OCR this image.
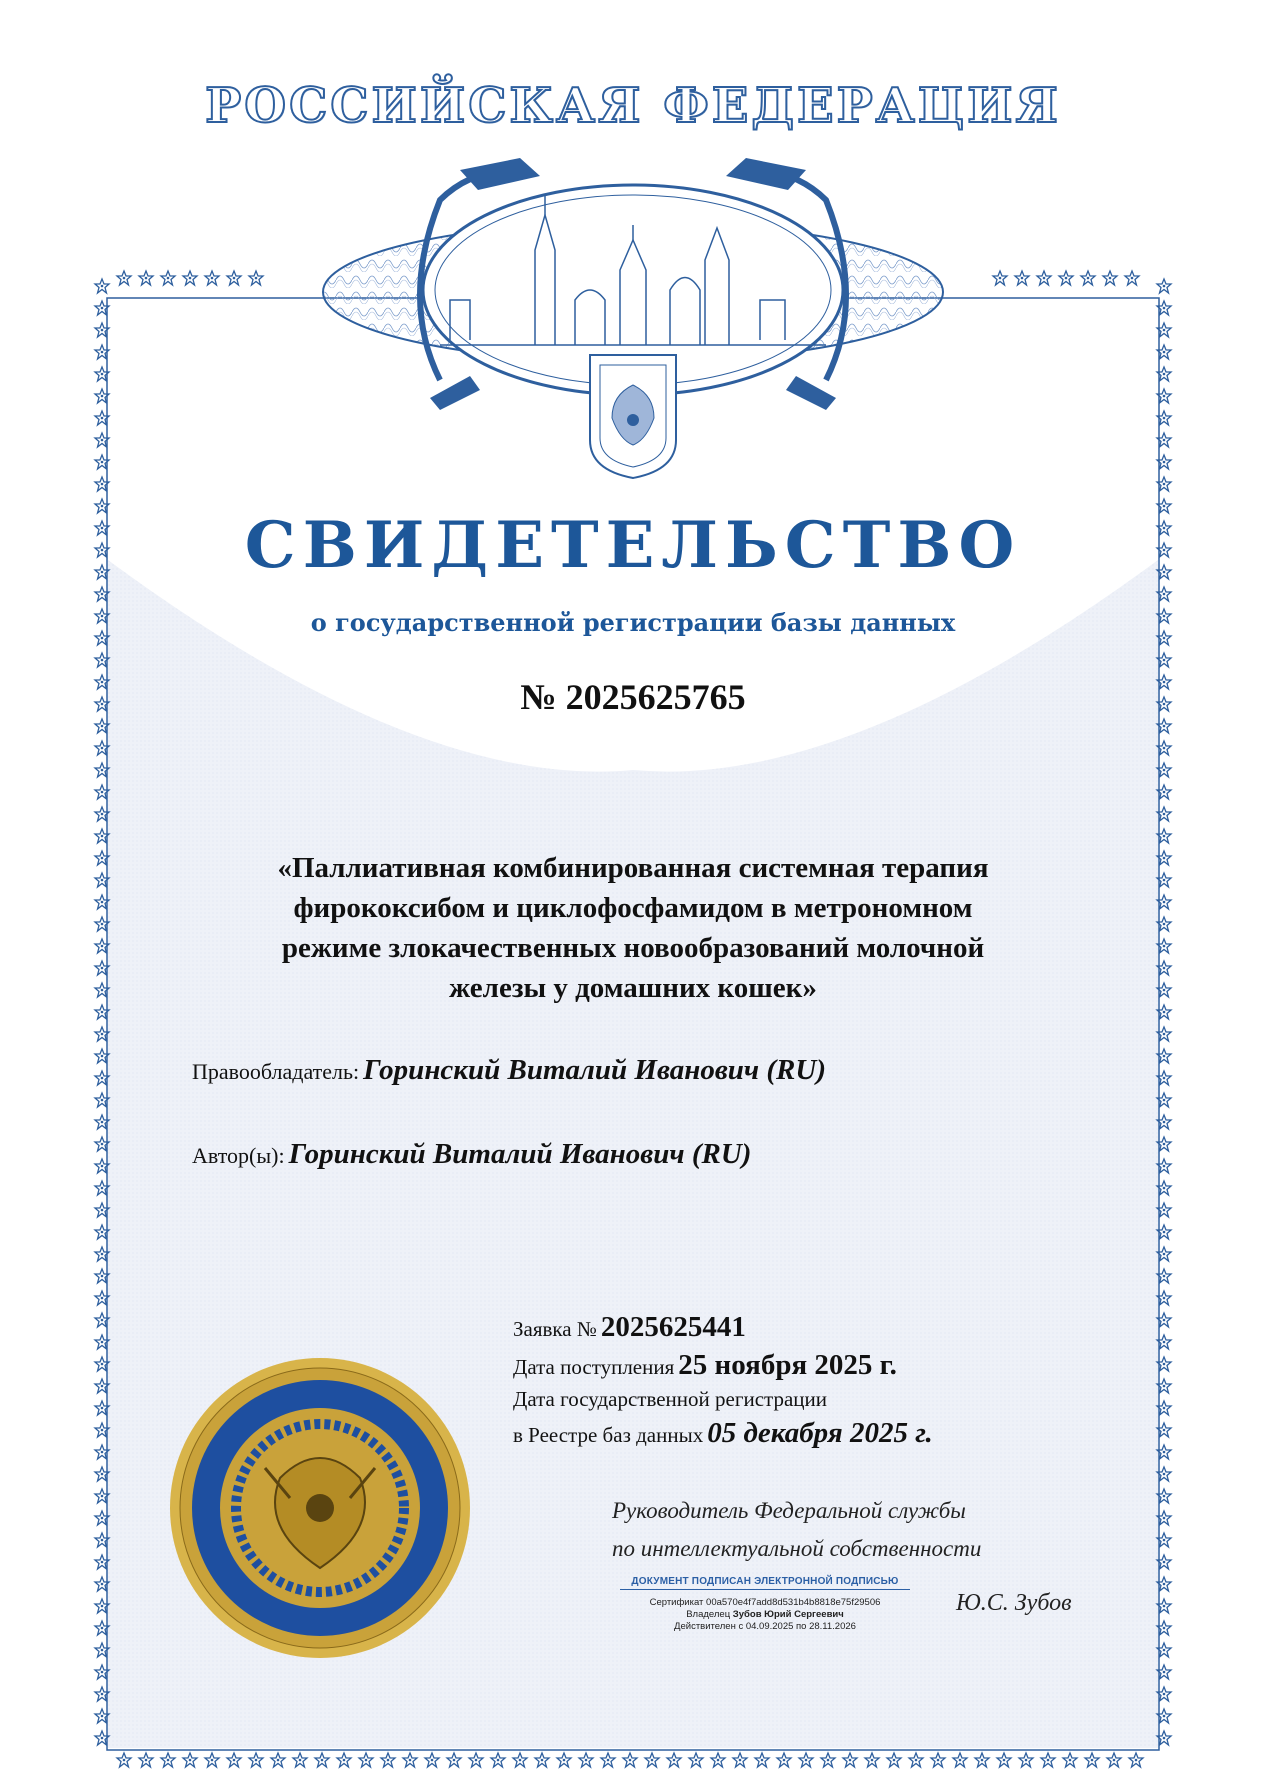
РОССИЙСКАЯ ФЕДЕРАЦИЯ
СВИДЕТЕЛЬСТВО
о государственной регистрации базы данных
№ 2025625765
«Паллиативная комбинированная системная терапия
фирококсибом и циклофосфамидом в метрономном
режиме злокачественных новообразований молочной
железы у домашних кошек»
Правообладатель: Горинский Виталий Иванович (RU)
Автор(ы): Горинский Виталий Иванович (RU)
Заявка № 2025625441
Дата поступления 25 ноября 2025 г.
Дата государственной регистрации
в Реестре баз данных 05 декабря 2025 г.
Руководитель Федеральной службы
по интеллектуальной собственности
ДОКУМЕНТ ПОДПИСАН ЭЛЕКТРОННОЙ ПОДПИСЬЮ
Сертификат 00a570e4f7add8d531b4b8818e75f29506
Владелец Зубов Юрий Сергеевич
Действителен с 04.09.2025 по 28.11.2026
Ю.С. Зубов
